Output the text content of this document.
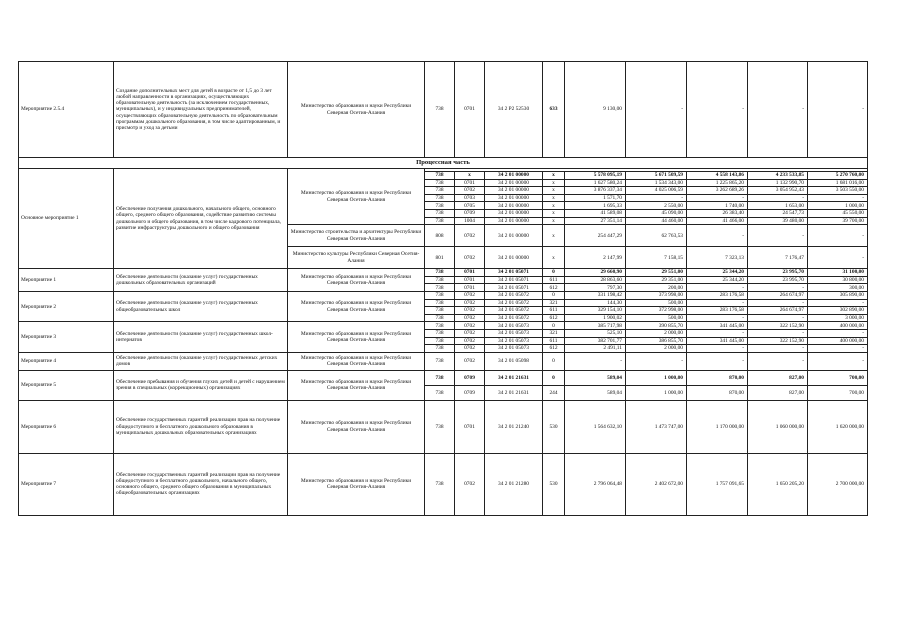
Мероприятие 2.5.4	Создание дополнительных мест для детей в возрасте от 1,5 до 3 лет любой направленности в организациях, осуществляющих образовательную деятельность (за исключением государственных, муниципальных), и у индивидуальных предпринимателей, осуществляющих образовательную деятельность по образовательным программам дошкольного образования, в том числе адаптированным, и присмотр и уход за детьми	Министерство образования и науки Республики Северная Осетия-Алания	738	0701	34 2 P2 52530	633	9 130,00	-	-	-	-
Процессная часть											
Основное мероприятие 1	Обеспечение получения дошкольного, начального общего, основного общего, среднего общего образования, содействие развитию системы дошкольного и общего образования, в том числе кадрового потенциала, развитие инфраструктуры дошкольного и общего образования	Министерство образования и науки Республики Северная Осетия-Алания									
			738	x	34 2 01 00000	x	5 578 095,19	5 671 509,59	4 558 143,86	4 233 533,85	5 270 760,00
			738	0701	34 2 01 00000	x	1 627 580,24	1 534 343,00	1 225 865,20	1 132 990,70	1 681 016,00
			738	0702	34 2 01 00000	x	3 876 337,34	4 025 006,59	3 262 689,26	3 054 952,43	3 503 550,00
			738	0703	34 2 01 00000	x	1 571,70	-	-	-	-
			738	0705	34 2 01 00000	x	1 695,33	2 550,00	1 740,00	1 653,00	1 000,00
			738	0709	34 2 01 00000	x	41 589,08	45 090,00	26 383,40	24 547,73	45 550,00
			738	1004	34 2 01 00000	x	27 351,14	44 460,00	41 466,00	39 480,00	39 700,00
		Министерство строительства и архитектуры Республики Северная Осетия-Алания	808	0702	34 2 01 00000	x	254 447,29	62 763,53	-	-	-
		Министерство культуры Республики Северная Осетия-Алания	801	0702	34 2 01 00000	x	2 147,99	7 158,15	7 323,13	7 176,47	-
Мероприятие 1	Обеспечение деятельности (оказание услуг) государственных дошкольных образовательных организаций	Министерство образования и науки Республики Северная Осетия-Алания	738	0701	34 2 01 05071	0	29 660,90	29 551,00	25 344,20	23 995,70	31 100,00
			738	0701	34 2 01 05071	611	28 863,60	29 351,00	25 344,20	23 995,70	30 800,00
			738	0701	34 2 01 05071	612	797,30	200,00	-	-	300,00
Мероприятие 2	Обеспечение деятельности (оказание услуг) государственных общеобразовательных школ	Министерство образования и науки Республики Северная Осетия-Алания	738	0702	34 2 01 05072	0	331 198,42	373 998,00	283 176,58	264 674,97	305 890,00
			738	0702	34 2 01 05072	321	144,30	500,00	-	-	-
			738	0702	34 2 01 05072	611	329 154,10	372 998,00	283 176,58	264 674,97	302 890,00
			738	0702	34 2 01 05072	612	1 900,02	500,00	-	-	3 000,00
Мероприятие 3	Обеспечение деятельности (оказание услуг) государственных школ-интернатов	Министерство образования и науки Республики Северная Осетия-Алания	738	0702	34 2 01 05073	0	385 717,98	390 855,70	341 445,00	322 152,90	400 000,00
			738	0702	34 2 01 05073	321	525,10	2 000,00	-	-	-
			738	0702	34 2 01 05073	611	382 701,77	386 855,70	341 445,00	322 152,90	400 000,00
			738	0702	34 2 01 05073	612	2 491,11	2 000,00	-	-	-
Мероприятие 4	Обеспечение деятельности (оказание услуг) государственных детских домов	Министерство образования и науки Республики Северная Осетия-Алания	738	0702	34 2 01 05098	0	-	-	-	-	-
Мероприятие 5	Обеспечение пребывания и обучения глухих детей и детей с нарушением зрения в специальных (коррекционных) организациях	Министерство образования и науки Республики Северная Осетия-Алания	738	0709	34 2 01 21631	0	589,04	1 000,00	870,00	827,00	700,00
			738	0709	34 2 01 21631	244	589,04	1 000,00	870,00	827,00	700,00
Мероприятие 6	Обеспечение государственных гарантий реализации прав на получение общедоступного и бесплатного дошкольного образования в муниципальных дошкольных образовательных организациях	Министерство образования и науки Республики Северная Осетия-Алания	738	0701	34 2 01 21240	530	1 564 632,10	1 473 747,00	1 170 000,00	1 060 000,00	1 620 000,00
Мероприятие 7	Обеспечение государственных гарантий реализации прав на получение общедоступного и бесплатного дошкольного, начального общего, основного общего, среднего общего образования в муниципальных общеобразовательных организациях	Министерство образования и науки Республики Северная Осетия-Алания	738	0702	34 2 01 21280	530	2 796 064,48	2 402 672,00	1 757 091,65	1 650 205,20	2 700 000,00
